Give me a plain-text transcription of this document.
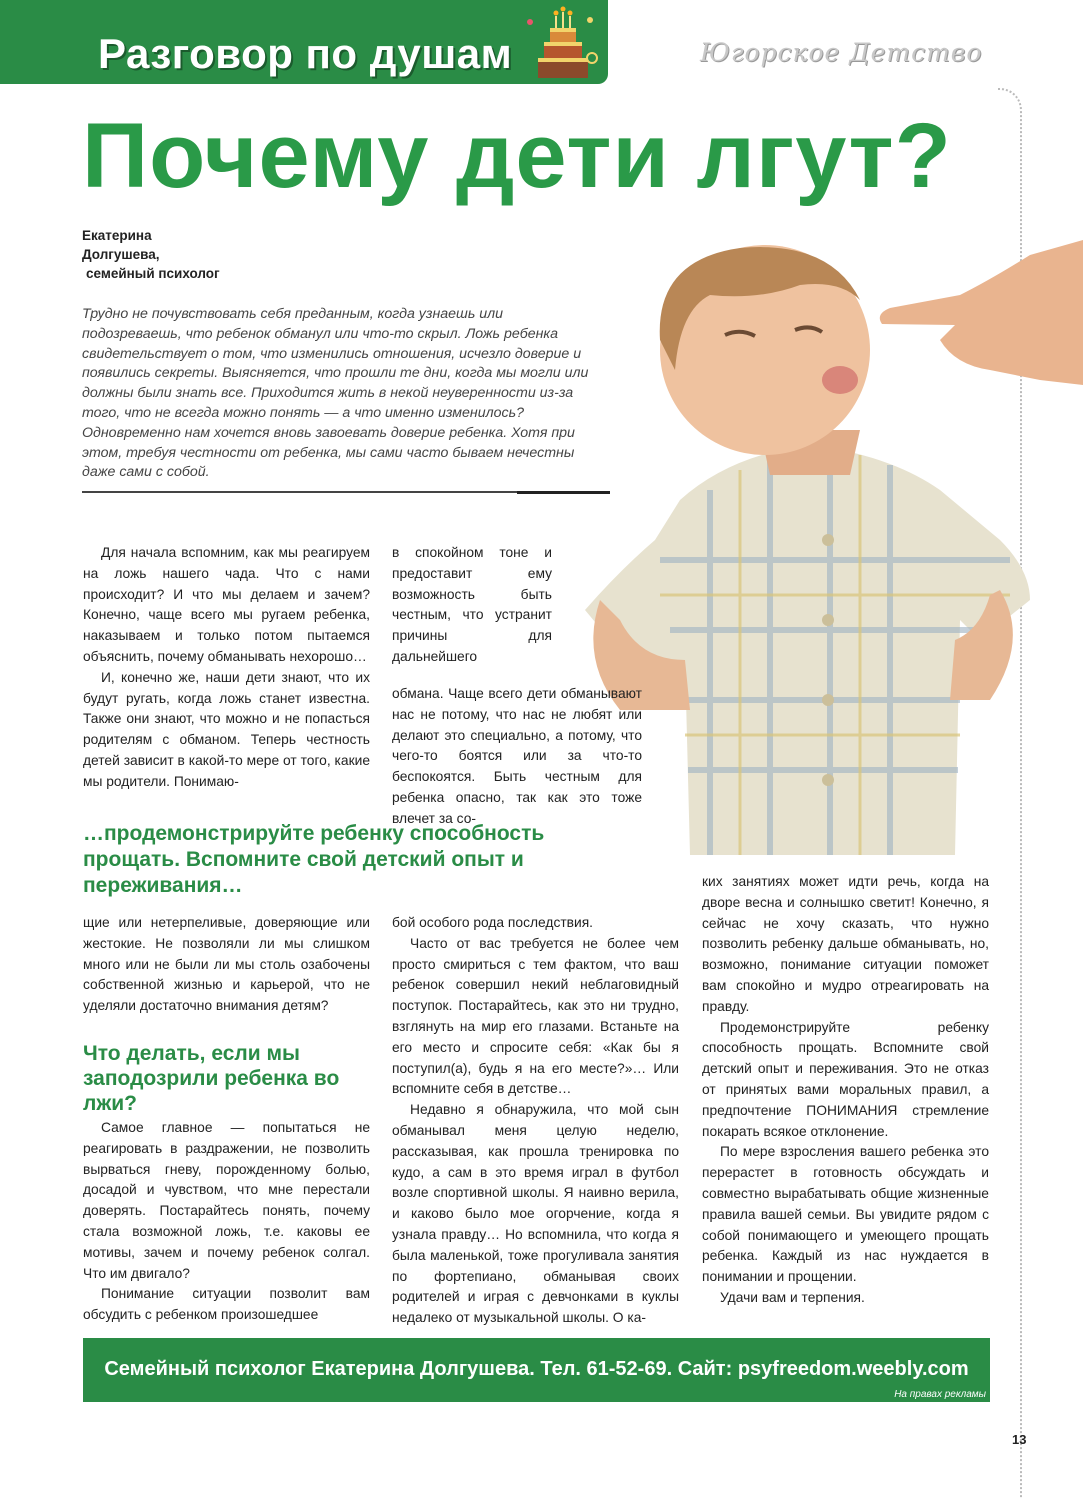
Разговор по душам	Югорское Детство
Почему дети лгут?
Екатерина
Долгушева,
семейный психолог
Трудно не почувствовать себя преданным, когда узнаешь или подозреваешь, что ребенок обманул или что-то скрыл. Ложь ребенка свидетельствует о том, что изменились отношения, исчезло доверие и появились секреты. Выясняется, что прошли те дни, когда мы могли или должны были знать все. Приходится жить в некой неуверенности из-за того, что не всегда можно понять — а что именно изменилось? Одновременно нам хочется вновь завоевать доверие ребенка. Хотя при этом, требуя честности от ребенка, мы сами часто бываем нечестны даже сами с собой.

Для начала вспомним, как мы реагируем на ложь нашего чада. Что с нами происходит? И что мы делаем и зачем? Конечно, чаще всего мы ругаем ребенка, наказываем и только потом пытаемся объяснить, почему обманывать нехорошо…

И, конечно же, наши дети знают, что их будут ругать, когда ложь станет известна. Также они знают, что можно и не попасться родителям с обманом. Теперь честность детей зависит в какой-то мере от того, какие мы родители. Понимаю-

в спокойном тоне и предоставит ему возможность быть честным, что устранит причины для дальнейшего
обмана. Чаще всего дети обманывают нас не потому, что нас не любят или делают это специально, а потому, что чего-то боятся или за что-то беспокоятся. Быть честным для ребенка опасно, так как это тоже влечет за со-
…продемонстрируйте ребенку способность прощать. Вспомните свой детский опыт и переживания…
щие или нетерпеливые, доверяющие или жестокие. Не позволяли ли мы слишком много или не были ли мы столь озабочены собственной жизнью и карьерой, что не уделяли достаточно внимания детям?
Что делать, если мы заподозрили ребенка во лжи?

Самое главное — попытаться не реагировать в раздражении, не позволить вырваться гневу, порожденному болью, досадой и чувством, что мне перестали доверять. Постарайтесь понять, почему стала возможной ложь, т.е. каковы ее мотивы, зачем и почему ребенок солгал. Что им двигало?

Понимание ситуации позволит вам обсудить с ребенком произошедшее

бой особого рода последствия.

Часто от вас требуется не более чем просто смириться с тем фактом, что ваш ребенок совершил некий неблаговидный поступок. Постарайтесь, как это ни трудно, взглянуть на мир его глазами. Встаньте на его место и спросите себя: «Как бы я поступил(а), будь я на его месте?»… Или вспомните себя в детстве…

Недавно я обнаружила, что мой сын обманывал меня целую неделю, рассказывая, как прошла тренировка по кудо, а сам в это время играл в футбол возле спортивной школы. Я наивно верила, и каково было мое огорчение, когда я узнала правду… Но вспомнила, что когда я была маленькой, тоже прогуливала занятия по фортепиано, обманывая своих родителей и играя с девчонками в куклы недалеко от музыкальной школы. О ка-

ких занятиях может идти речь, когда на дворе весна и солнышко светит! Конечно, я сейчас не хочу сказать, что нужно позволить ребенку дальше обманывать, но, возможно, понимание ситуации поможет вам спокойно и мудро отреагировать на правду.

Продемонстрируйте ребенку способность прощать. Вспомните свой детский опыт и переживания. Это не отказ от принятых вами моральных правил, а предпочтение ПОНИМАНИЯ стремление покарать всякое отклонение.

По мере взросления вашего ребенка это перерастет в готовность обсуждать и совместно вырабатывать общие жизненные правила вашей семьи. Вы увидите рядом с собой понимающего и умеющего прощать ребенка. Каждый из нас нуждается в понимании и прощении.

Удачи вам и терпения.

Семейный психолог Екатерина Долгушева. Тел. 61-52-69. Сайт: psyfreedom.weebly.com
На правах рекламы
13
